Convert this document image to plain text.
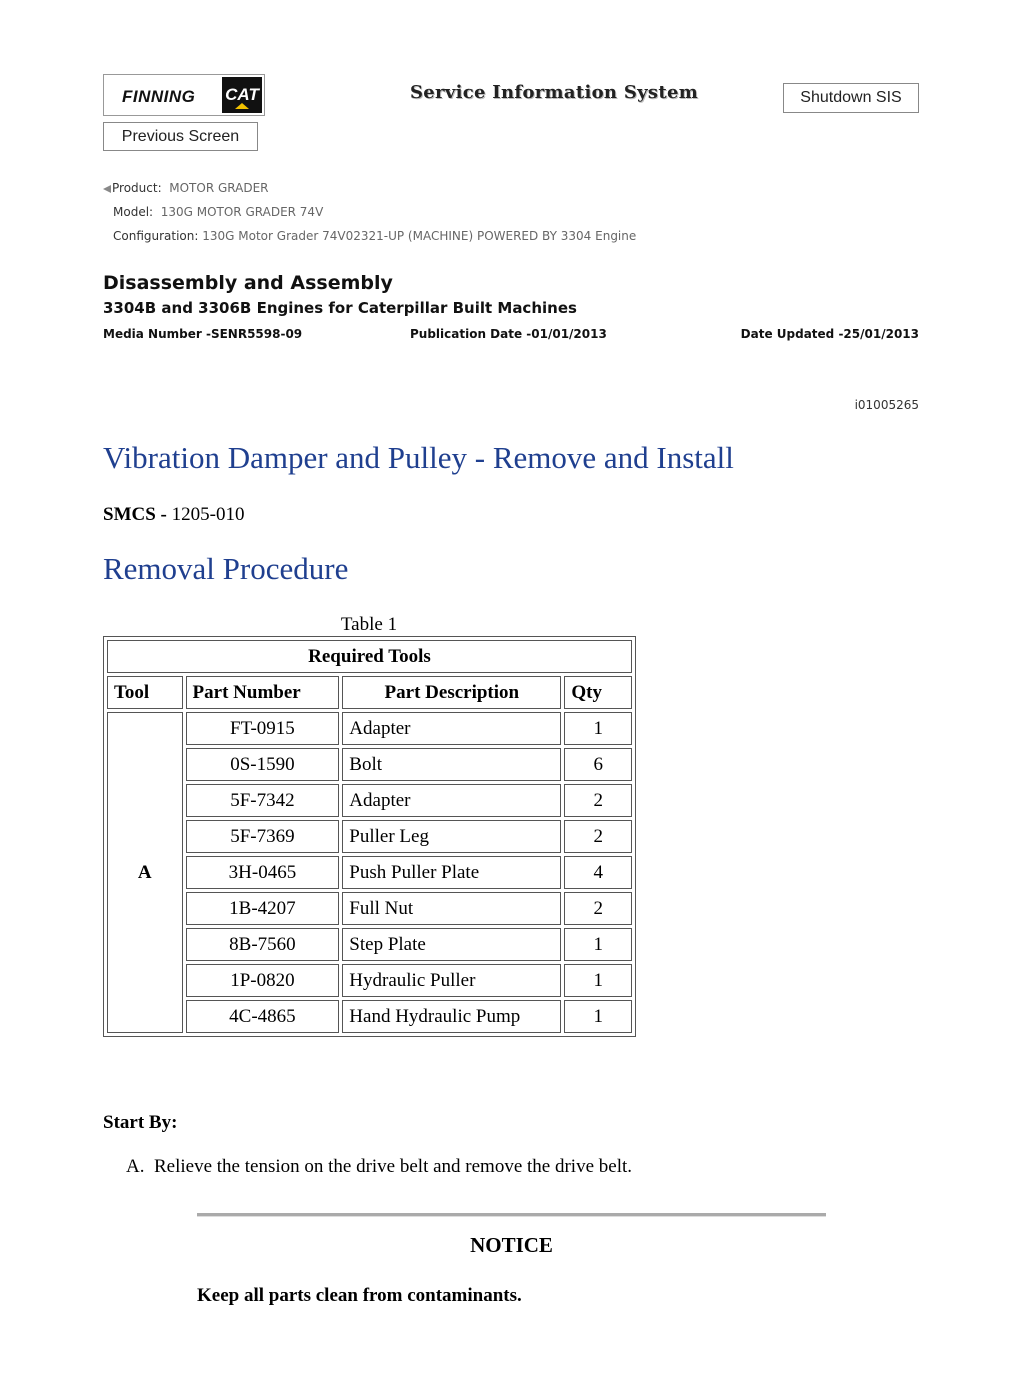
FINNING CAT	Service Information System	Shutdown SIS
Previous Screen
Product: MOTOR GRADER
Model: 130G MOTOR GRADER 74V
Configuration: 130G Motor Grader 74V02321-UP (MACHINE) POWERED BY 3304 Engine
Disassembly and Assembly
3304B and 3306B Engines for Caterpillar Built Machines
Media Number -SENR5598-09	Publication Date -01/01/2013	Date Updated -25/01/2013
i01005265
Vibration Damper and Pulley - Remove and Install
SMCS - 1205-010
Removal Procedure
Table 1
Required Tools			
Tool	Part Number	Part Description	Qty
A	FT-0915	Adapter	1
	0S-1590	Bolt	6
	5F-7342	Adapter	2
	5F-7369	Puller Leg	2
	3H-0465	Push Puller Plate	4
	1B-4207	Full Nut	2
	8B-7560	Step Plate	1
	1P-0820	Hydraulic Puller	1
	4C-4865	Hand Hydraulic Pump	1
Start By:
A. Relieve the tension on the drive belt and remove the drive belt.
NOTICE
Keep all parts clean from contaminants.
